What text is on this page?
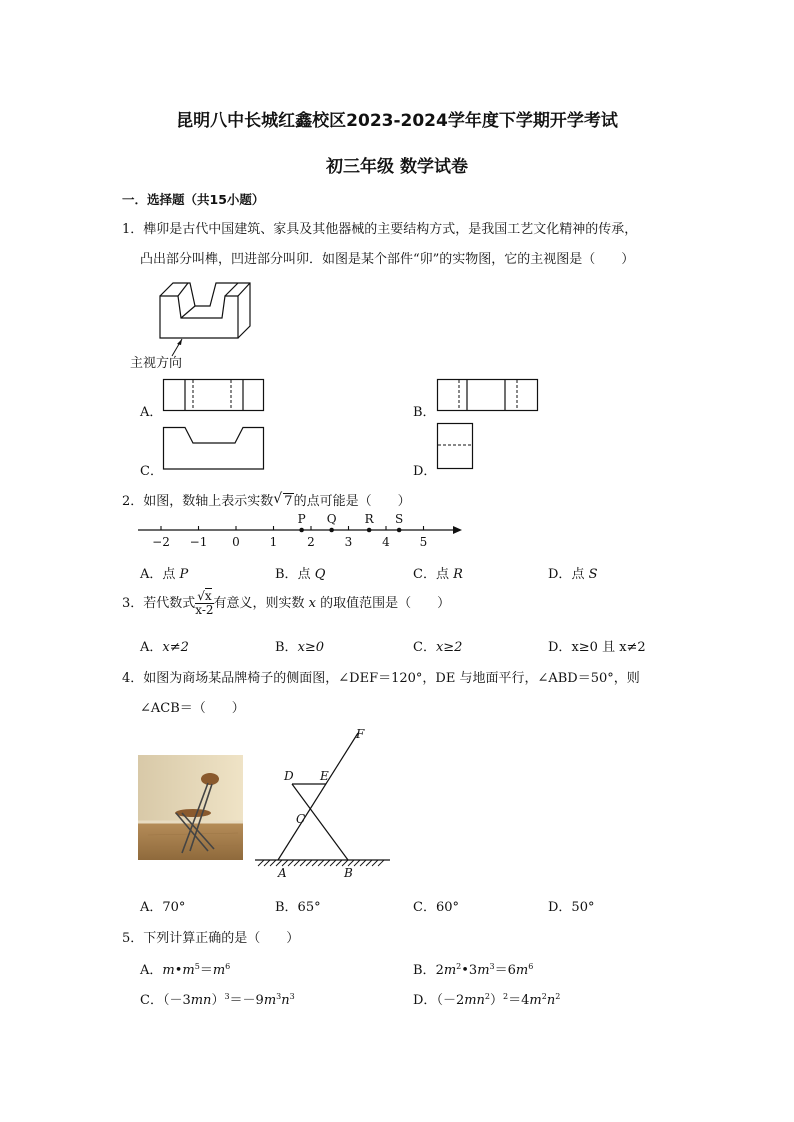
昆明八中长城红鑫校区2023-2024学年度下学期开学考试
初三年级 数学试卷
一．选择题（共15小题）
1．榫卯是古代中国建筑、家具及其他器械的主要结构方式，是我国工艺文化精神的传承，
凸出部分叫榫，凹进部分叫卯．如图是某个部件“卯”的实物图，它的主视图是（　　）
主视方向
A．	B．
C．	D．
2．如图，数轴上表示实数 √ 7的点可能是（　　）
−2 −1 0 1 2 3 4 5
P Q R S
A．点 P	B．点 Q	C．点 R	D．点 S
3．若代数式 $\frac{√x}{x-2}$ 有意义，则实数 x 的取值范围是（　　）
A．x≠2	B．x≥0	C．x≥2	D．x≥0 且 x≠2
4．如图为商场某品牌椅子的侧面图，∠DEF＝120°，DE 与地面平行，∠ABD＝50°，则
∠ACB＝（　　）
F
D E
C
A	B
A．70°	B．65°	C．60°	D．50°
5．下列计算正确的是（　　）
A．$m•m^5=m^6$	B．$2m^2•3m^3=6m^6$
C．$(-3mn)^3=-9m^3n^3$	D．$(-2mn^2)^2=4m^2n^2$
